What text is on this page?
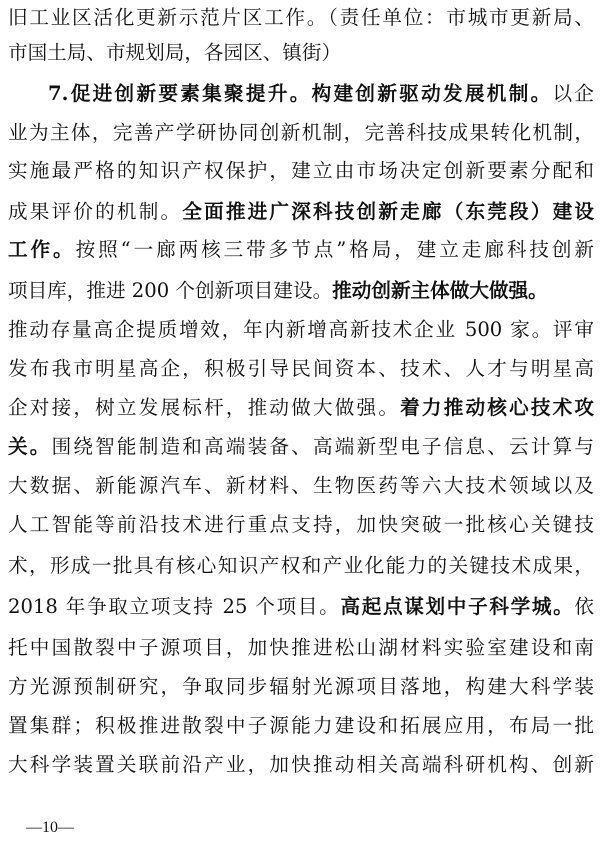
旧工业区活化更新示范片区工作。（责任单位：市城市更新局、
市国土局、市规划局，各园区、镇街）
7.促进创新要素集聚提升。构建创新驱动发展机制。以企
业为主体，完善产学研协同创新机制，完善科技成果转化机制，
实施最严格的知识产权保护，建立由市场决定创新要素分配和
成果评价的机制。全面推进广深科技创新走廊（东莞段）建设
工作。按照“一廊两核三带多节点”格局，建立走廊科技创新
项目库，推进 200 个创新项目建设。推动创新主体做大做强。
推动存量高企提质增效，年内新增高新技术企业 500 家。评审
发布我市明星高企，积极引导民间资本、技术、人才与明星高
企对接，树立发展标杆，推动做大做强。着力推动核心技术攻
关。围绕智能制造和高端装备、高端新型电子信息、云计算与
大数据、新能源汽车、新材料、生物医药等六大技术领域以及
人工智能等前沿技术进行重点支持，加快突破一批核心关键技
术，形成一批具有核心知识产权和产业化能力的关键技术成果，
2018 年争取立项支持 25 个项目。高起点谋划中子科学城。依
托中国散裂中子源项目，加快推进松山湖材料实验室建设和南
方光源预制研究，争取同步辐射光源项目落地，构建大科学装
置集群；积极推进散裂中子源能力建设和拓展应用，布局一批
大科学装置关联前沿产业，加快推动相关高端科研机构、创新
—10—
